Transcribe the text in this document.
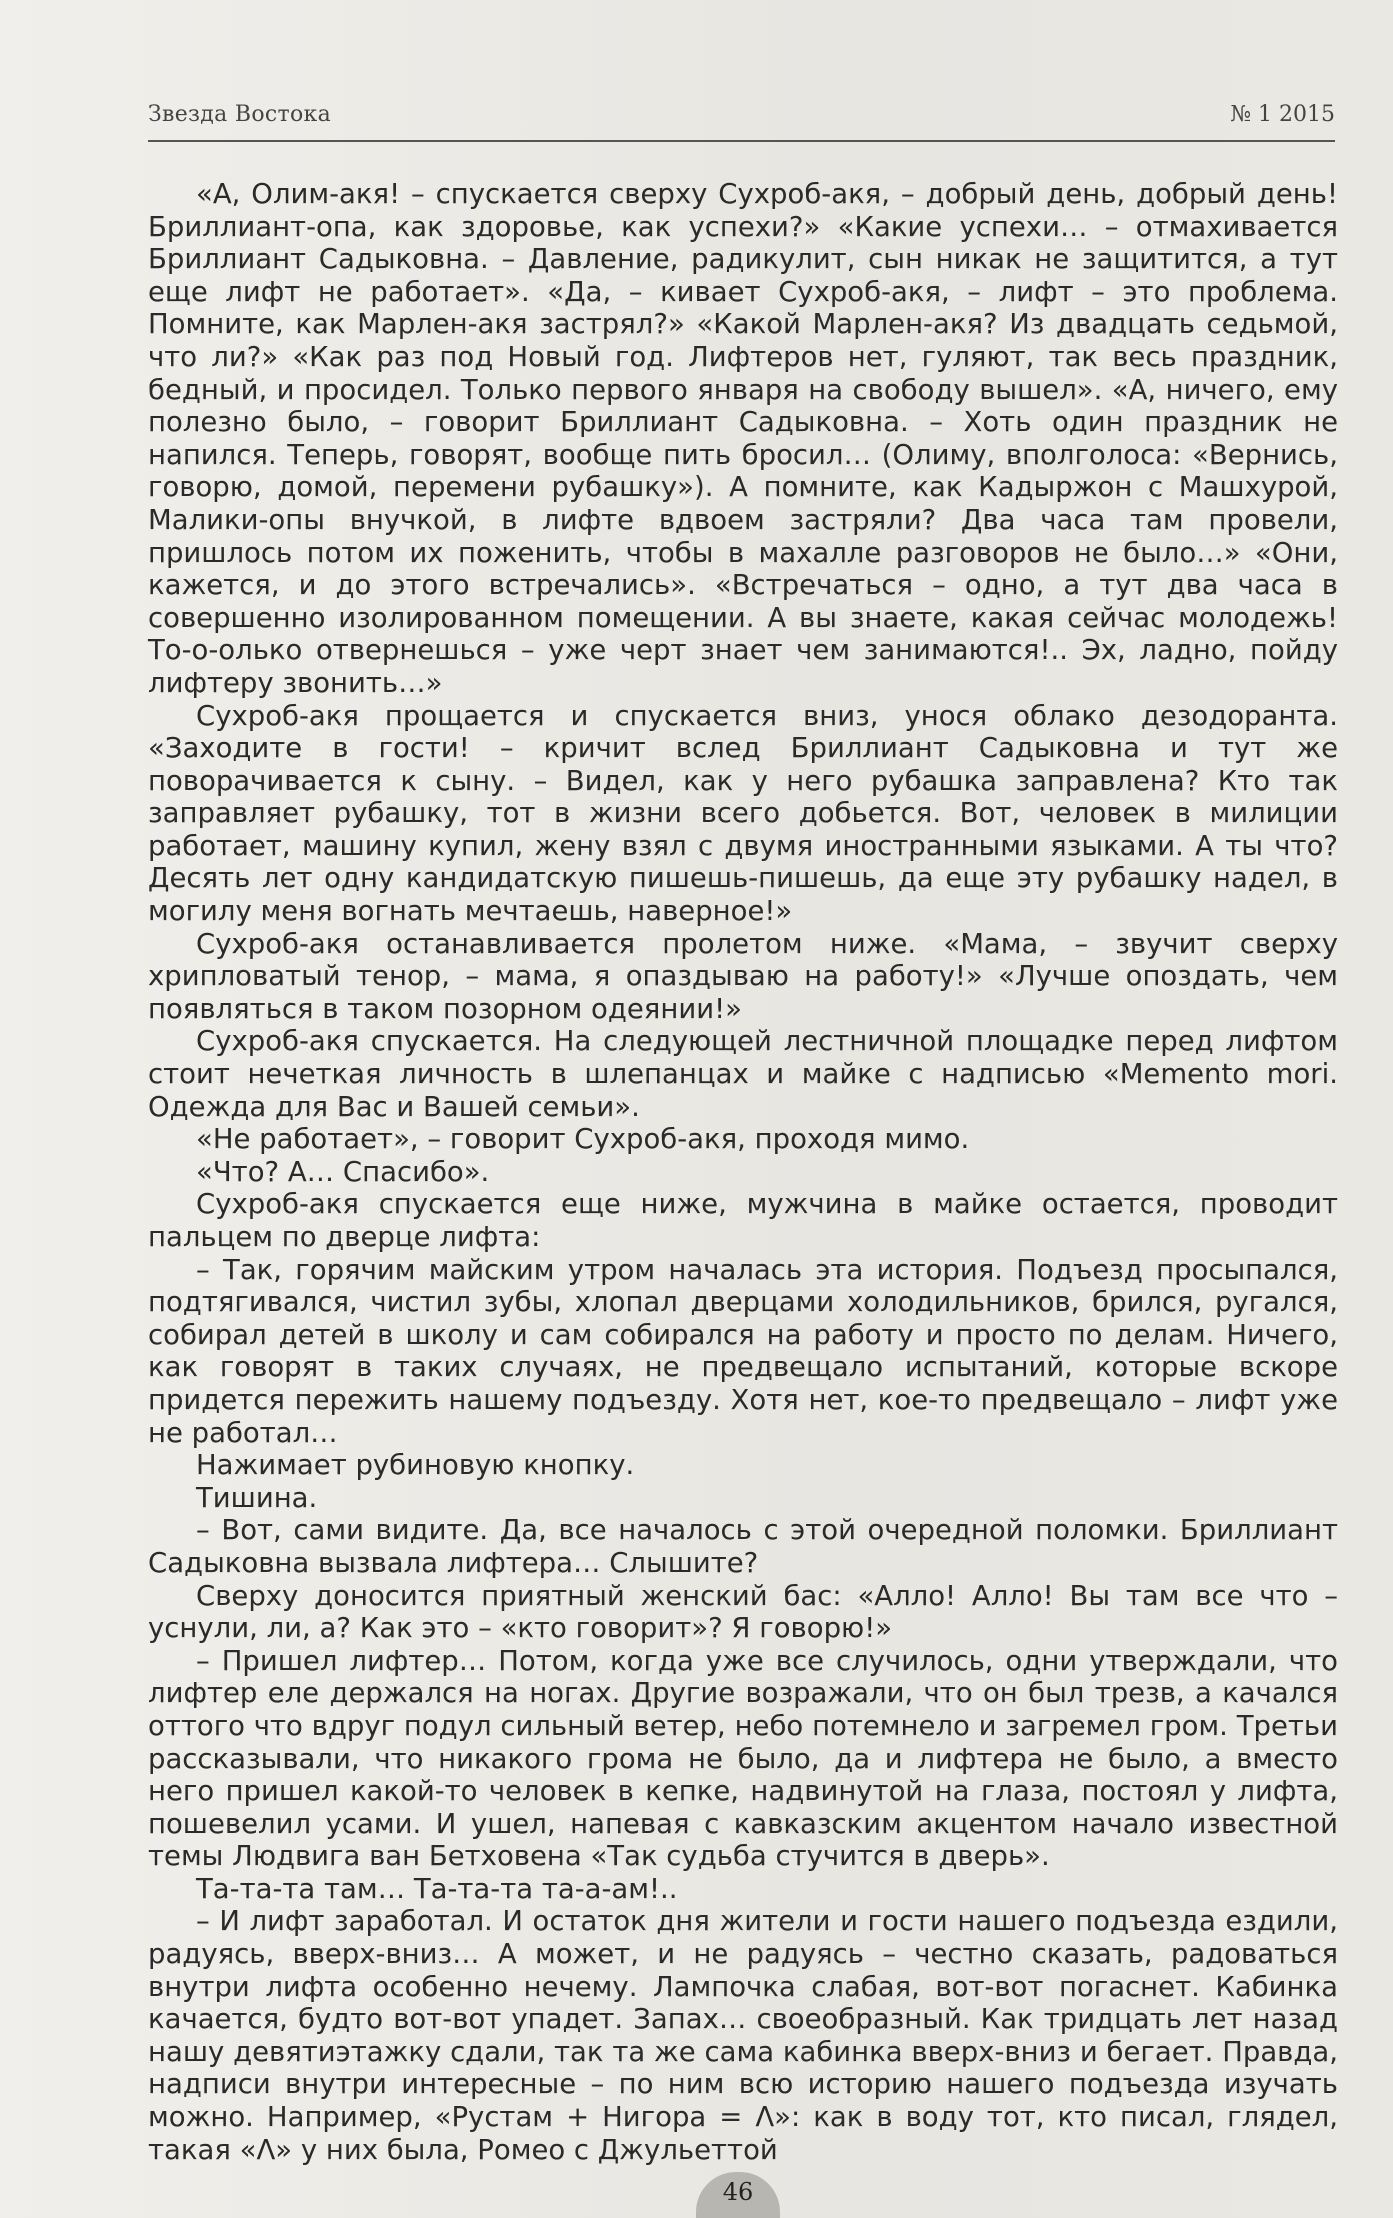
Звезда Востока	№ 1 2015

«А, Олим-акя! – спускается сверху Сухроб-акя, – добрый день, добрый день! Бриллиант-опа, как здоровье, как успехи?» «Какие успехи… – отмахивается Бриллиант Садыковна. – Давление, радикулит, сын никак не защитится, а тут еще лифт не работает». «Да, – кивает Сухроб-акя, – лифт – это проблема. Помните, как Марлен-акя застрял?» «Какой Марлен-акя? Из двадцать седьмой, что ли?» «Как раз под Новый год. Лифтеров нет, гуляют, так весь праздник, бедный, и просидел. Только первого января на свободу вышел». «А, ничего, ему полезно было, – говорит Бриллиант Садыковна. – Хоть один праздник не напился. Теперь, говорят, вообще пить бросил… (Олиму, вполголоса: «Вернись, говорю, домой, перемени рубашку»). А помните, как Кадыржон с Машхурой, Малики-опы внучкой, в лифте вдвоем застряли? Два часа там провели, пришлось потом их поженить, чтобы в махалле разговоров не было…» «Они, кажется, и до этого встречались». «Встречаться – одно, а тут два часа в совершенно изолированном помещении. А вы знаете, какая сейчас молодежь! То-о-олько отвернешься – уже черт знает чем занимаются!.. Эх, ладно, пойду лифтеру звонить…»

Сухроб-акя прощается и спускается вниз, унося облако дезодоранта. «Заходите в гости! – кричит вслед Бриллиант Садыковна и тут же поворачивается к сыну. – Видел, как у него рубашка заправлена? Кто так заправляет рубашку, тот в жизни всего добьется. Вот, человек в милиции работает, машину купил, жену взял с двумя иностранными языками. А ты что? Десять лет одну кандидатскую пишешь-пишешь, да еще эту рубашку надел, в могилу меня вогнать мечтаешь, наверное!»

Сухроб-акя останавливается пролетом ниже. «Мама, – звучит сверху хрипловатый тенор, – мама, я опаздываю на работу!» «Лучше опоздать, чем появляться в таком позорном одеянии!»

Сухроб-акя спускается. На следующей лестничной площадке перед лифтом стоит нечеткая личность в шлепанцах и майке с надписью «Memento mori. Одежда для Вас и Вашей семьи».

«Не работает», – говорит Сухроб-акя, проходя мимо.

«Что? А… Спасибо».

Сухроб-акя спускается еще ниже, мужчина в майке остается, проводит пальцем по дверце лифта:

– Так, горячим майским утром началась эта история. Подъезд просыпался, подтягивался, чистил зубы, хлопал дверцами холодильников, брился, ругался, собирал детей в школу и сам собирался на работу и просто по делам. Ничего, как говорят в таких случаях, не предвещало испытаний, которые вскоре придется пережить нашему подъезду. Хотя нет, кое-то предвещало – лифт уже не работал…

Нажимает рубиновую кнопку.

Тишина.

– Вот, сами видите. Да, все началось с этой очередной поломки. Бриллиант Садыковна вызвала лифтера… Слышите?

Сверху доносится приятный женский бас: «Алло! Алло! Вы там все что – уснули, ли, а? Как это – «кто говорит»? Я говорю!»

– Пришел лифтер… Потом, когда уже все случилось, одни утверждали, что лифтер еле держался на ногах. Другие возражали, что он был трезв, а качался оттого что вдруг подул сильный ветер, небо потемнело и загремел гром. Третьи рассказывали, что никакого грома не было, да и лифтера не было, а вместо него пришел какой-то человек в кепке, надвинутой на глаза, постоял у лифта, пошевелил усами. И ушел, напевая с кавказским акцентом начало известной темы Людвига ван Бетховена «Так судьба стучится в дверь».

Та-та-та там… Та-та-та та-а-ам!..

– И лифт заработал. И остаток дня жители и гости нашего подъезда ездили, радуясь, вверх-вниз… А может, и не радуясь – честно сказать, радоваться внутри лифта особенно нечему. Лампочка слабая, вот-вот погаснет. Кабинка качается, будто вот-вот упадет. Запах… своеобразный. Как тридцать лет назад нашу девятиэтажку сдали, так та же сама кабинка вверх-вниз и бегает. Правда, надписи внутри интересные – по ним всю историю нашего подъезда изучать можно. Например, «Рустам + Нигора = Λ»: как в воду тот, кто писал, глядел, такая «Λ» у них была, Ромео с Джульеттой

46
